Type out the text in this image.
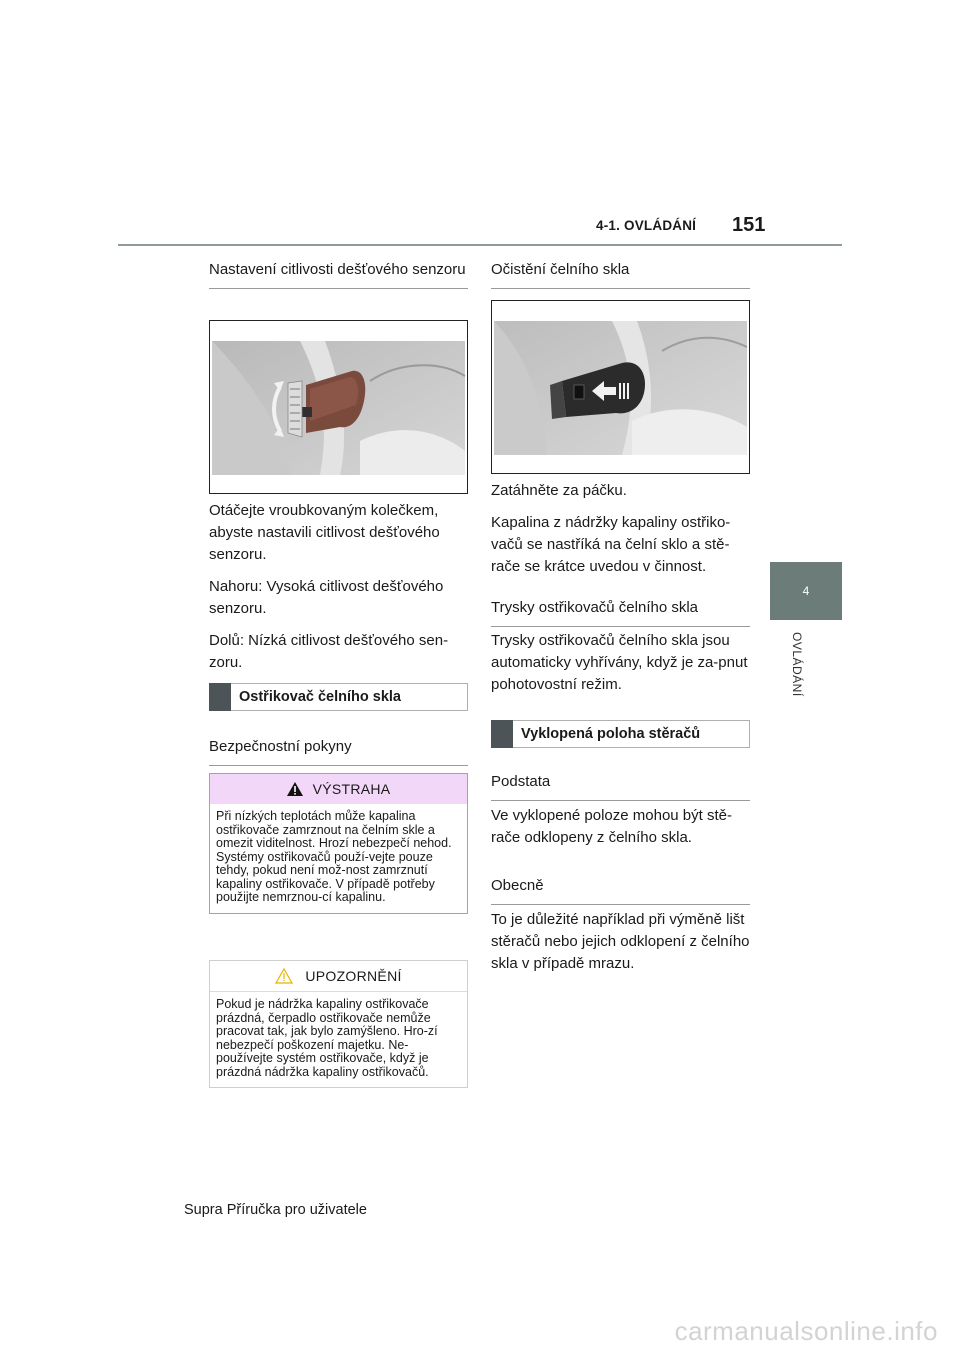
4-1. OVLÁDÁNÍ 151
4
OVLÁDÁNÍ
Nastavení citlivosti dešťového senzoru

Otáčejte vroubkovaným kolečkem, abyste nastavili citlivost dešťového senzoru.

Nahoru: Vysoká citlivost dešťového senzoru.

Dolů: Nízká citlivost dešťového sen-zoru.

Ostřikovač čelního skla
Bezpečnostní pokyny
VÝSTRAHA
Při nízkých teplotách může kapalina ostřikovače zamrznout na čelním skle a omezit viditelnost. Hrozí nebezpečí nehod. Systémy ostřikovačů použí-vejte pouze tehdy, pokud není mož-nost zamrznutí kapaliny ostřikovače. V případě potřeby použijte nemrznou-cí kapalinu.
UPOZORNĚNÍ
Pokud je nádržka kapaliny ostřikovače prázdná, čerpadlo ostřikovače nemůže pracovat tak, jak bylo zamýšleno. Hro-zí nebezpečí poškození majetku. Ne-používejte systém ostřikovače, když je prázdná nádržka kapaliny ostřikovačů.
Očistění čelního skla

Zatáhněte za páčku.

Kapalina z nádržky kapaliny ostřiko-vačů se nastříká na čelní sklo a stě-rače se krátce uvedou v činnost.

Trysky ostřikovačů čelního skla

Trysky ostřikovačů čelního skla jsou automaticky vyhřívány, když je za-pnut pohotovostní režim.

Vyklopená poloha stěračů
Podstata

Ve vyklopené poloze mohou být stě-rače odklopeny z čelního skla.

Obecně

To je důležité například při výměně lišt stěračů nebo jejich odklopení z čelního skla v případě mrazu.

Supra Příručka pro uživatele
carmanualsonline.info
